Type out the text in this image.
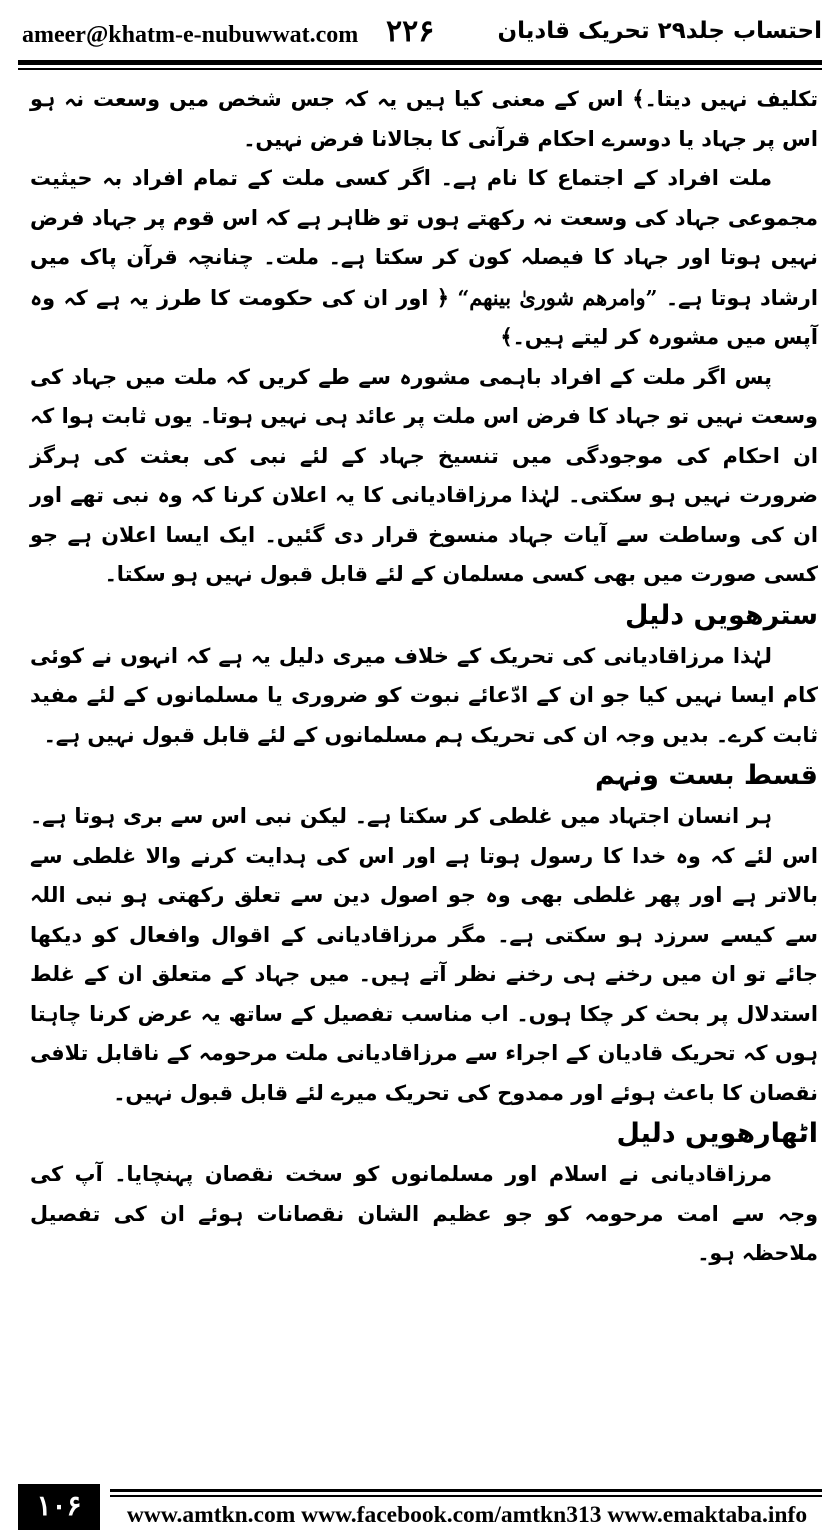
ameer@khatm-e-nubuwwat.com ۲۲۶	احتساب جلد۲۹ تحریک قادیان

تکلیف نہیں دیتا۔﴾ اس کے معنی کیا ہیں یہ کہ جس شخص میں وسعت نہ ہو اس پر جہاد یا دوسرے احکام قرآنی کا بجالانا فرض نہیں۔

ملت افراد کے اجتماع کا نام ہے۔ اگر کسی ملت کے تمام افراد بہ حیثیت مجموعی جہاد کی وسعت نہ رکھتے ہوں تو ظاہر ہے کہ اس قوم پر جہاد فرض نہیں ہوتا اور جہاد کا فیصلہ کون کر سکتا ہے۔ ملت۔ چنانچہ قرآن پاک میں ارشاد ہوتا ہے۔ ”وامرھم شوریٰ بینھم“ ﴿ اور ان کی حکومت کا طرز یہ ہے کہ وہ آپس میں مشورہ کر لیتے ہیں۔﴾

پس اگر ملت کے افراد باہمی مشورہ سے طے کریں کہ ملت میں جہاد کی وسعت نہیں تو جہاد کا فرض اس ملت پر عائد ہی نہیں ہوتا۔ یوں ثابت ہوا کہ ان احکام کی موجودگی میں تنسیخ جہاد کے لئے نبی کی بعثت کی ہرگز ضرورت نہیں ہو سکتی۔ لہٰذا مرزاقادیانی کا یہ اعلان کرنا کہ وہ نبی تھے اور ان کی وساطت سے آیات جہاد منسوخ قرار دی گئیں۔ ایک ایسا اعلان ہے جو کسی صورت میں بھی کسی مسلمان کے لئے قابل قبول نہیں ہو سکتا۔

سترھویں دلیل

لہٰذا مرزاقادیانی کی تحریک کے خلاف میری دلیل یہ ہے کہ انہوں نے کوئی کام ایسا نہیں کیا جو ان کے ادّعائے نبوت کو ضروری یا مسلمانوں کے لئے مفید ثابت کرے۔ بدیں وجہ ان کی تحریک ہم مسلمانوں کے لئے قابل قبول نہیں ہے۔

قسط بست ونہم

ہر انسان اجتہاد میں غلطی کر سکتا ہے۔ لیکن نبی اس سے بری ہوتا ہے۔ اس لئے کہ وہ خدا کا رسول ہوتا ہے اور اس کی ہدایت کرنے والا غلطی سے بالاتر ہے اور پھر غلطی بھی وہ جو اصول دین سے تعلق رکھتی ہو نبی اللہ سے کیسے سرزد ہو سکتی ہے۔ مگر مرزاقادیانی کے اقوال وافعال کو دیکھا جائے تو ان میں رخنے ہی رخنے نظر آتے ہیں۔ میں جہاد کے متعلق ان کے غلط استدلال پر بحث کر چکا ہوں۔ اب مناسب تفصیل کے ساتھ یہ عرض کرنا چاہتا ہوں کہ تحریک قادیان کے اجراء سے مرزاقادیانی ملت مرحومہ کے ناقابل تلافی نقصان کا باعث ہوئے اور ممدوح کی تحریک میرے لئے قابل قبول نہیں۔

اٹھارھویں دلیل

مرزاقادیانی نے اسلام اور مسلمانوں کو سخت نقصان پہنچایا۔ آپ کی وجہ سے امت مرحومہ کو جو عظیم الشان نقصانات ہوئے ان کی تفصیل ملاحظہ ہو۔

۱۰۶	www.amtkn.com www.facebook.com/amtkn313 www.emaktaba.info
